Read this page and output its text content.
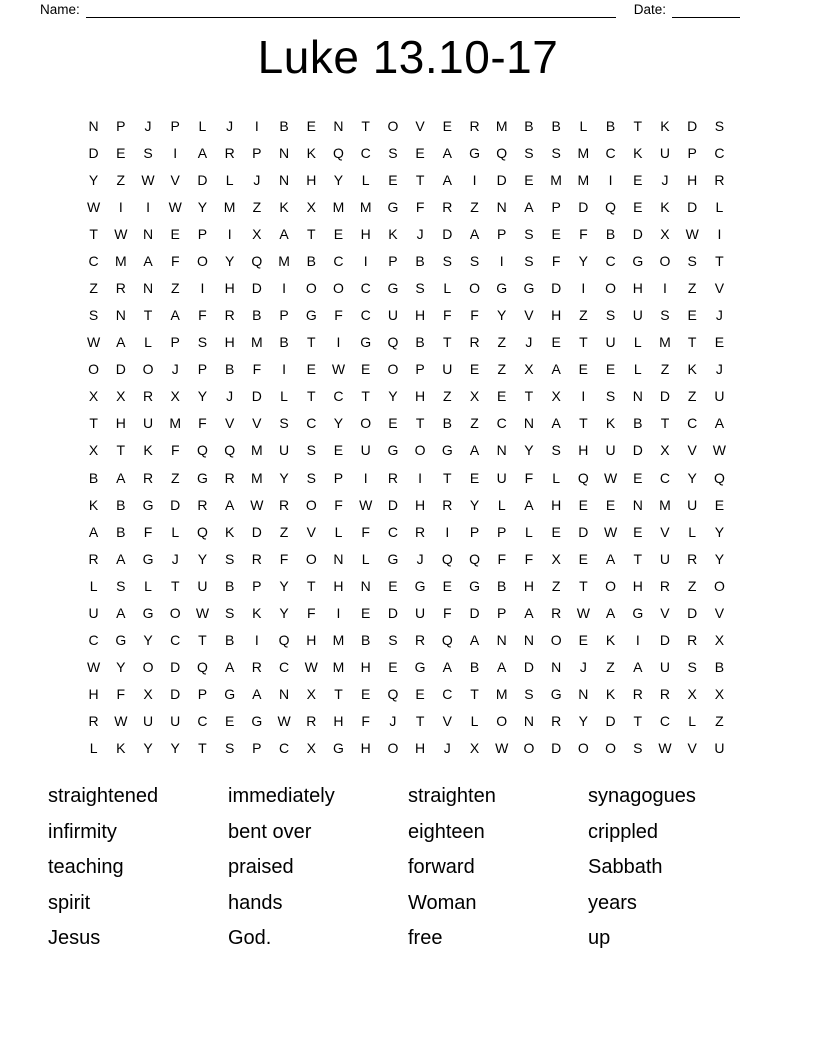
Name:	Date:
Luke 13.10-17
N	P	J	P	L	J	I	B	E	N	T	O	V	E	R	M	B	B	L	B	T	K	D	S
D	E	S	I	A	R	P	N	K	Q	C	S	E	A	G	Q	S	S	M	C	K	U	P	C
Y	Z	W	V	D	L	J	N	H	Y	L	E	T	A	I	D	E	M	M	I	E	J	H	R
W	I	I	W	Y	M	Z	K	X	M	M	G	F	R	Z	N	A	P	D	Q	E	K	D	L
T	W	N	E	P	I	X	A	T	E	H	K	J	D	A	P	S	E	F	B	D	X	W	I
C	M	A	F	O	Y	Q	M	B	C	I	P	B	S	S	I	S	F	Y	C	G	O	S	T
Z	R	N	Z	I	H	D	I	O	O	C	G	S	L	O	G	G	D	I	O	H	I	Z	V
S	N	T	A	F	R	B	P	G	F	C	U	H	F	F	Y	V	H	Z	S	U	S	E	J
W	A	L	P	S	H	M	B	T	I	G	Q	B	T	R	Z	J	E	T	U	L	M	T	E
O	D	O	J	P	B	F	I	E	W	E	O	P	U	E	Z	X	A	E	E	L	Z	K	J
X	X	R	X	Y	J	D	L	T	C	T	Y	H	Z	X	E	T	X	I	S	N	D	Z	U
T	H	U	M	F	V	V	S	C	Y	O	E	T	B	Z	C	N	A	T	K	B	T	C	A
X	T	K	F	Q	Q	M	U	S	E	U	G	O	G	A	N	Y	S	H	U	D	X	V	W
B	A	R	Z	G	R	M	Y	S	P	I	R	I	T	E	U	F	L	Q	W	E	C	Y	Q
K	B	G	D	R	A	W	R	O	F	W	D	H	R	Y	L	A	H	E	E	N	M	U	E
A	B	F	L	Q	K	D	Z	V	L	F	C	R	I	P	P	L	E	D	W	E	V	L	Y
R	A	G	J	Y	S	R	F	O	N	L	G	J	Q	Q	F	F	X	E	A	T	U	R	Y
L	S	L	T	U	B	P	Y	T	H	N	E	G	E	G	B	H	Z	T	O	H	R	Z	O
U	A	G	O	W	S	K	Y	F	I	E	D	U	F	D	P	A	R	W	A	G	V	D	V
C	G	Y	C	T	B	I	Q	H	M	B	S	R	Q	A	N	N	O	E	K	I	D	R	X
W	Y	O	D	Q	A	R	C	W	M	H	E	G	A	B	A	D	N	J	Z	A	U	S	B
H	F	X	D	P	G	A	N	X	T	E	Q	E	C	T	M	S	G	N	K	R	R	X	X
R	W	U	U	C	E	G	W	R	H	F	J	T	V	L	O	N	R	Y	D	T	C	L	Z
L	K	Y	Y	T	S	P	C	X	G	H	O	H	J	X	W	O	D	O	O	S	W	V	U
straightened
infirmity
teaching
spirit
Jesus
immediately
bent over
praised
hands
God.
straighten
eighteen
forward
Woman
free
synagogues
crippled
Sabbath
years
up
